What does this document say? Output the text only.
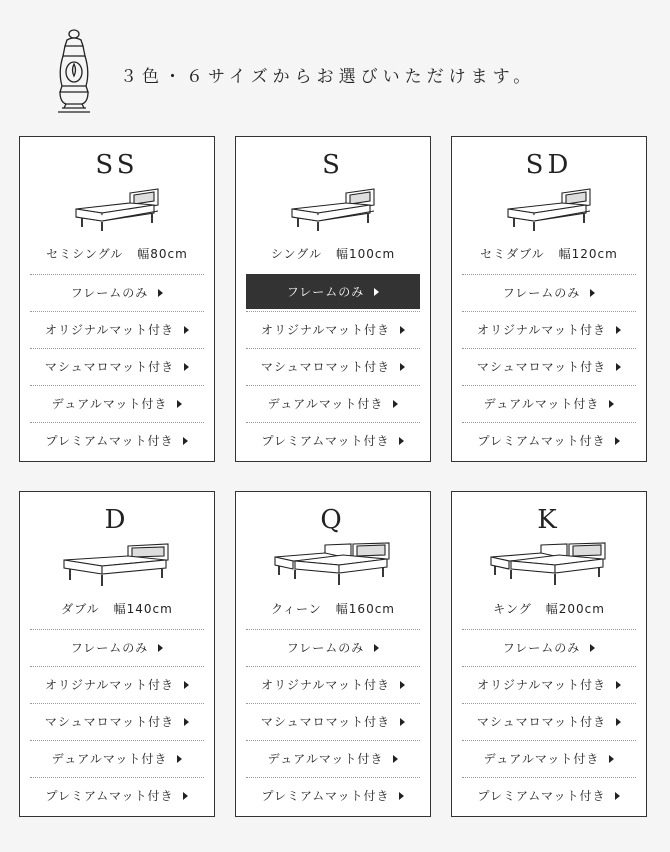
３色・６サイズからお選びいただけます。
SS
セミシングル 幅80cm
フレームのみ
オリジナルマット付き
マシュマロマット付き
デュアルマット付き
プレミアムマット付き
S
シングル 幅100cm
フレームのみ
オリジナルマット付き
マシュマロマット付き
デュアルマット付き
プレミアムマット付き
SD
セミダブル 幅120cm
フレームのみ
オリジナルマット付き
マシュマロマット付き
デュアルマット付き
プレミアムマット付き
D
ダブル 幅140cm
フレームのみ
オリジナルマット付き
マシュマロマット付き
デュアルマット付き
プレミアムマット付き
Q
クィーン 幅160cm
フレームのみ
オリジナルマット付き
マシュマロマット付き
デュアルマット付き
プレミアムマット付き
K
キング 幅200cm
フレームのみ
オリジナルマット付き
マシュマロマット付き
デュアルマット付き
プレミアムマット付き
